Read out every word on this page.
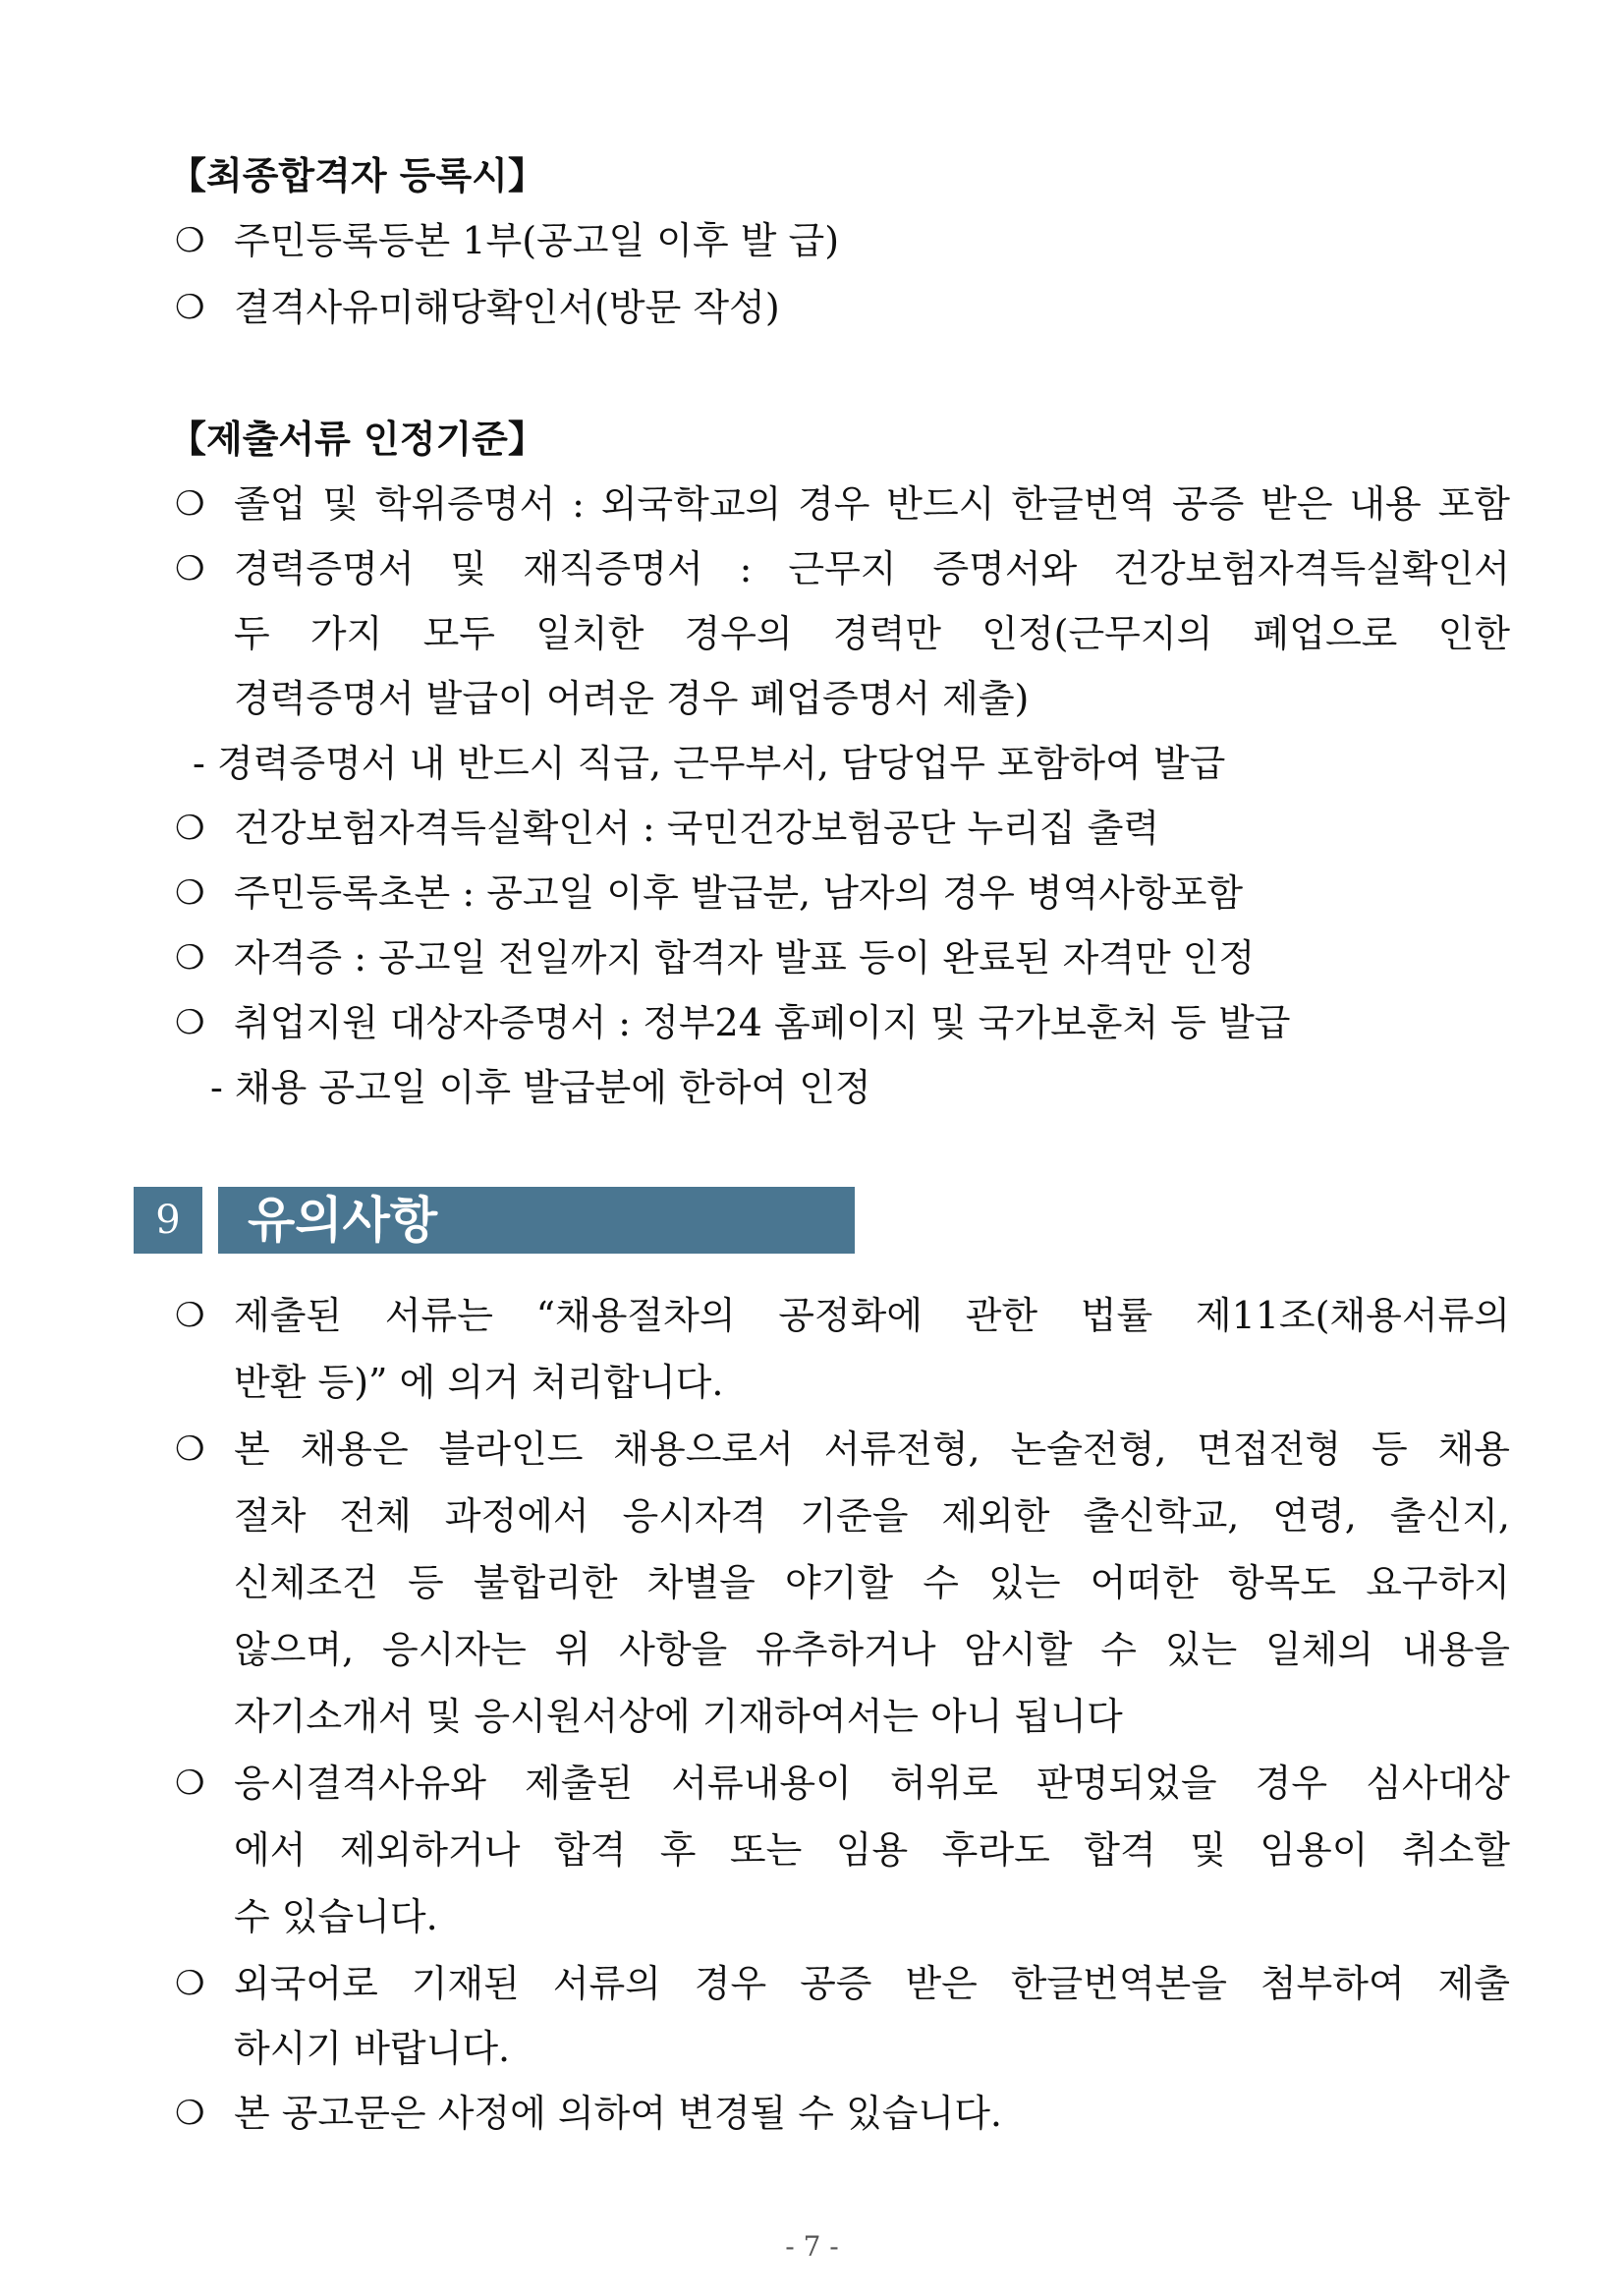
【최종합격자 등록시】
❍ 주민등록등본 1부(공고일 이후 발 급)
❍ 결격사유미해당확인서(방문 작성)
【제출서류 인정기준】
❍ 졸업 및 학위증명서 : 외국학교의 경우 반드시 한글번역 공증 받은 내용 포함
❍ 경력증명서 및 재직증명서 : 근무지 증명서와 건강보험자격득실확인서
두 가지 모두 일치한 경우의 경력만 인정(근무지의 폐업으로 인한
경력증명서 발급이 어려운 경우 폐업증명서 제출)
- 경력증명서 내 반드시 직급, 근무부서, 담당업무 포함하여 발급
❍ 건강보험자격득실확인서 : 국민건강보험공단 누리집 출력
❍ 주민등록초본 : 공고일 이후 발급분, 남자의 경우 병역사항포함
❍ 자격증 : 공고일 전일까지 합격자 발표 등이 완료된 자격만 인정
❍ 취업지원 대상자증명서 : 정부24 홈페이지 및 국가보훈처 등 발급
- 채용 공고일 이후 발급분에 한하여 인정
9	유의사항
❍ 제출된 서류는 “채용절차의 공정화에 관한 법률 제11조(채용서류의
반환 등)” 에 의거 처리합니다.
❍ 본 채용은 블라인드 채용으로서 서류전형, 논술전형, 면접전형 등 채용
절차 전체 과정에서 응시자격 기준을 제외한 출신학교, 연령, 출신지,
신체조건 등 불합리한 차별을 야기할 수 있는 어떠한 항목도 요구하지
않으며, 응시자는 위 사항을 유추하거나 암시할 수 있는 일체의 내용을
자기소개서 및 응시원서상에 기재하여서는 아니 됩니다
❍ 응시결격사유와 제출된 서류내용이 허위로 판명되었을 경우 심사대상
에서 제외하거나 합격 후 또는 임용 후라도 합격 및 임용이 취소할
수 있습니다.
❍ 외국어로 기재된 서류의 경우 공증 받은 한글번역본을 첨부하여 제출
하시기 바랍니다.
❍ 본 공고문은 사정에 의하여 변경될 수 있습니다.
- 7 -
